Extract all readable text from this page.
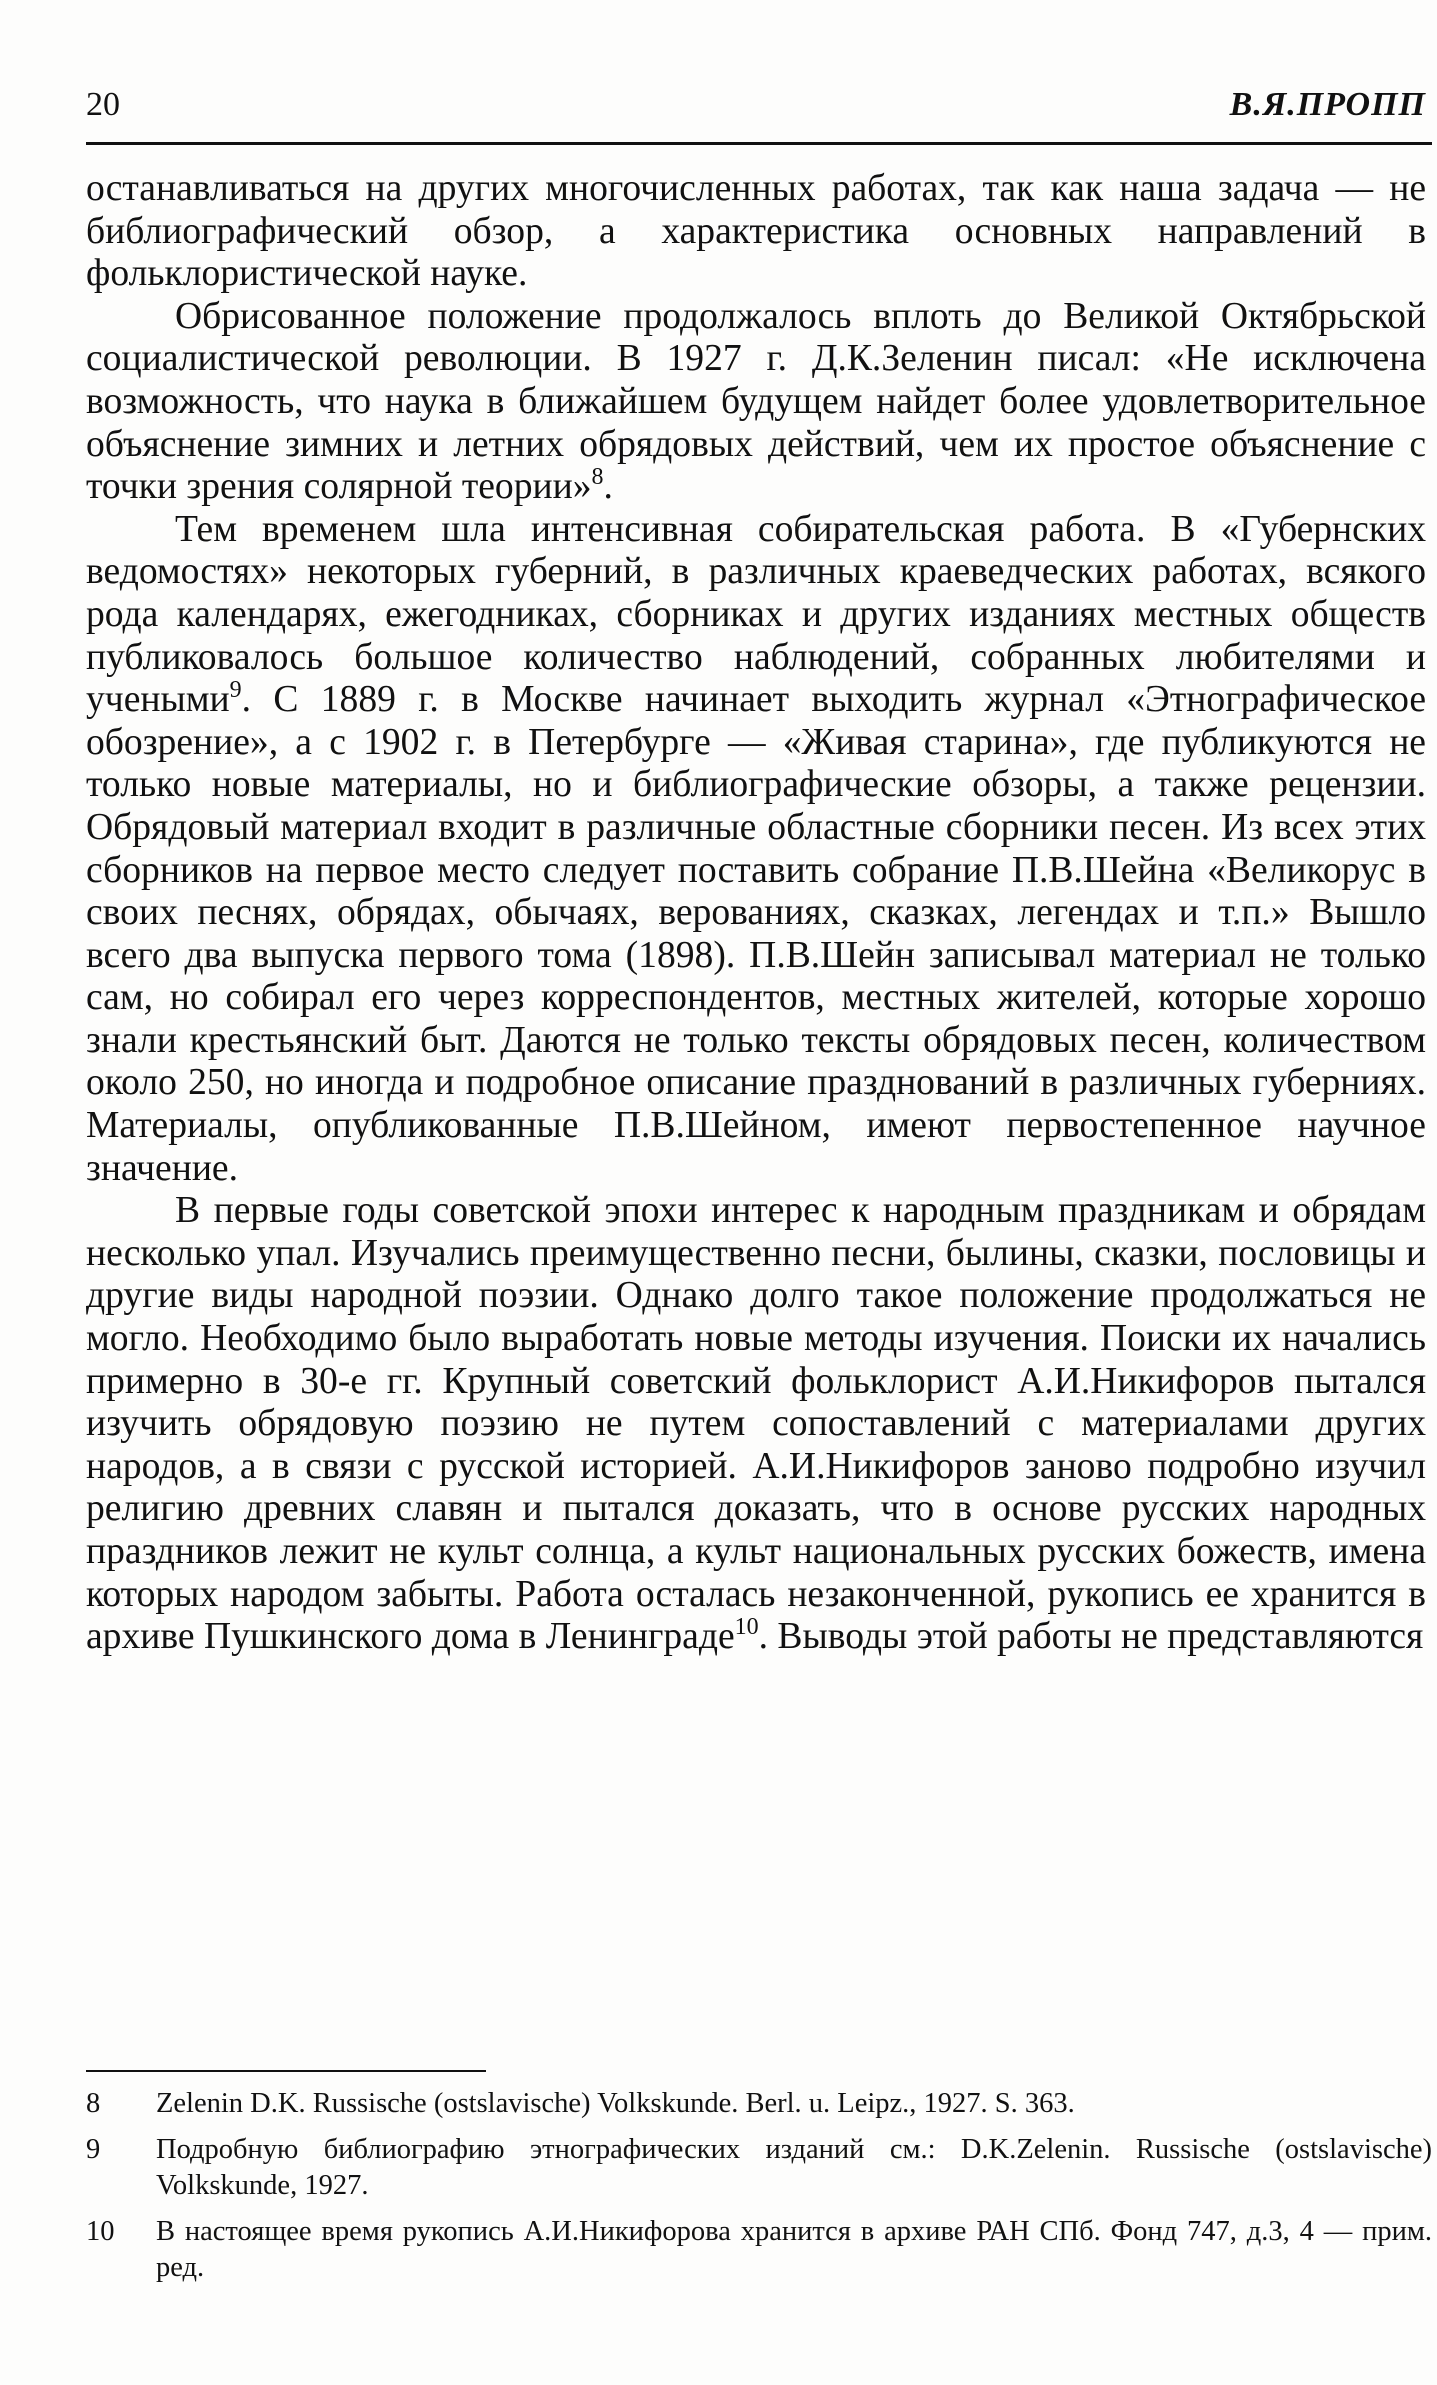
20	В.Я.ПРОПП

останавливаться на других многочисленных работах, так как наша задача — не библиографический обзор, а характеристика основных направлений в фольклористической науке.

Обрисованное положение продолжалось вплоть до Великой Октябрьской социалистической революции. В 1927 г. Д.К.Зеленин писал: «Не исключена возможность, что наука в ближайшем будущем найдет более удовлетворительное объяснение зимних и летних обрядовых действий, чем их простое объяснение с точки зрения солярной теории»$^8$.

Тем временем шла интенсивная собирательская работа. В «Губернских ведомостях» некоторых губерний, в различных краеведческих работах, всякого рода календарях, ежегодниках, сборниках и других изданиях местных обществ публиковалось большое количество наблюдений, собранных любителями и учеными$^9$. С 1889 г. в Москве начинает выходить журнал «Этнографическое обозрение», а с 1902 г. в Петербурге — «Живая старина», где публикуются не только новые материалы, но и библиографические обзоры, а также рецензии. Обрядовый материал входит в различные областные сборники песен. Из всех этих сборников на первое место следует поставить собрание П.В.Шейна «Великорус в своих песнях, обрядах, обычаях, верованиях, сказках, легендах и т.п.» Вышло всего два выпуска первого тома (1898). П.В.Шейн записывал материал не только сам, но собирал его через корреспондентов, местных жителей, которые хорошо знали крестьянский быт. Даются не только тексты обрядовых песен, количеством около 250, но иногда и подробное описание празднований в различных губерниях. Материалы, опубликованные П.В.Шейном, имеют первостепенное научное значение.

В первые годы советской эпохи интерес к народным праздникам и обрядам несколько упал. Изучались преимущественно песни, былины, сказки, пословицы и другие виды народной поэзии. Однако долго такое положение продолжаться не могло. Необходимо было выработать новые методы изучения. Поиски их начались примерно в 30-е гг. Крупный советский фольклорист А.И.Никифоров пытался изучить обрядовую поэзию не путем сопоставлений с материалами других народов, а в связи с русской историей. А.И.Никифоров заново подробно изучил религию древних славян и пытался доказать, что в основе русских народных праздников лежит не культ солнца, а культ национальных русских божеств, имена которых народом забыты. Работа осталась незаконченной, рукопись ее хранится в архиве Пушкинского дома в Ленинграде$^{10}$. Выводы этой работы не представляются

8 Zelenin D.K. Russische (ostslavische) Volkskunde. Berl. u. Leipz., 1927. S. 363.

9 Подробную библиографию этнографических изданий см.: D.K.Zelenin. Russische (ostslavische) Volkskunde, 1927.

10 В настоящее время рукопись А.И.Никифорова хранится в архиве РАН СПб. Фонд 747, д.3, 4 — прим. ред.
